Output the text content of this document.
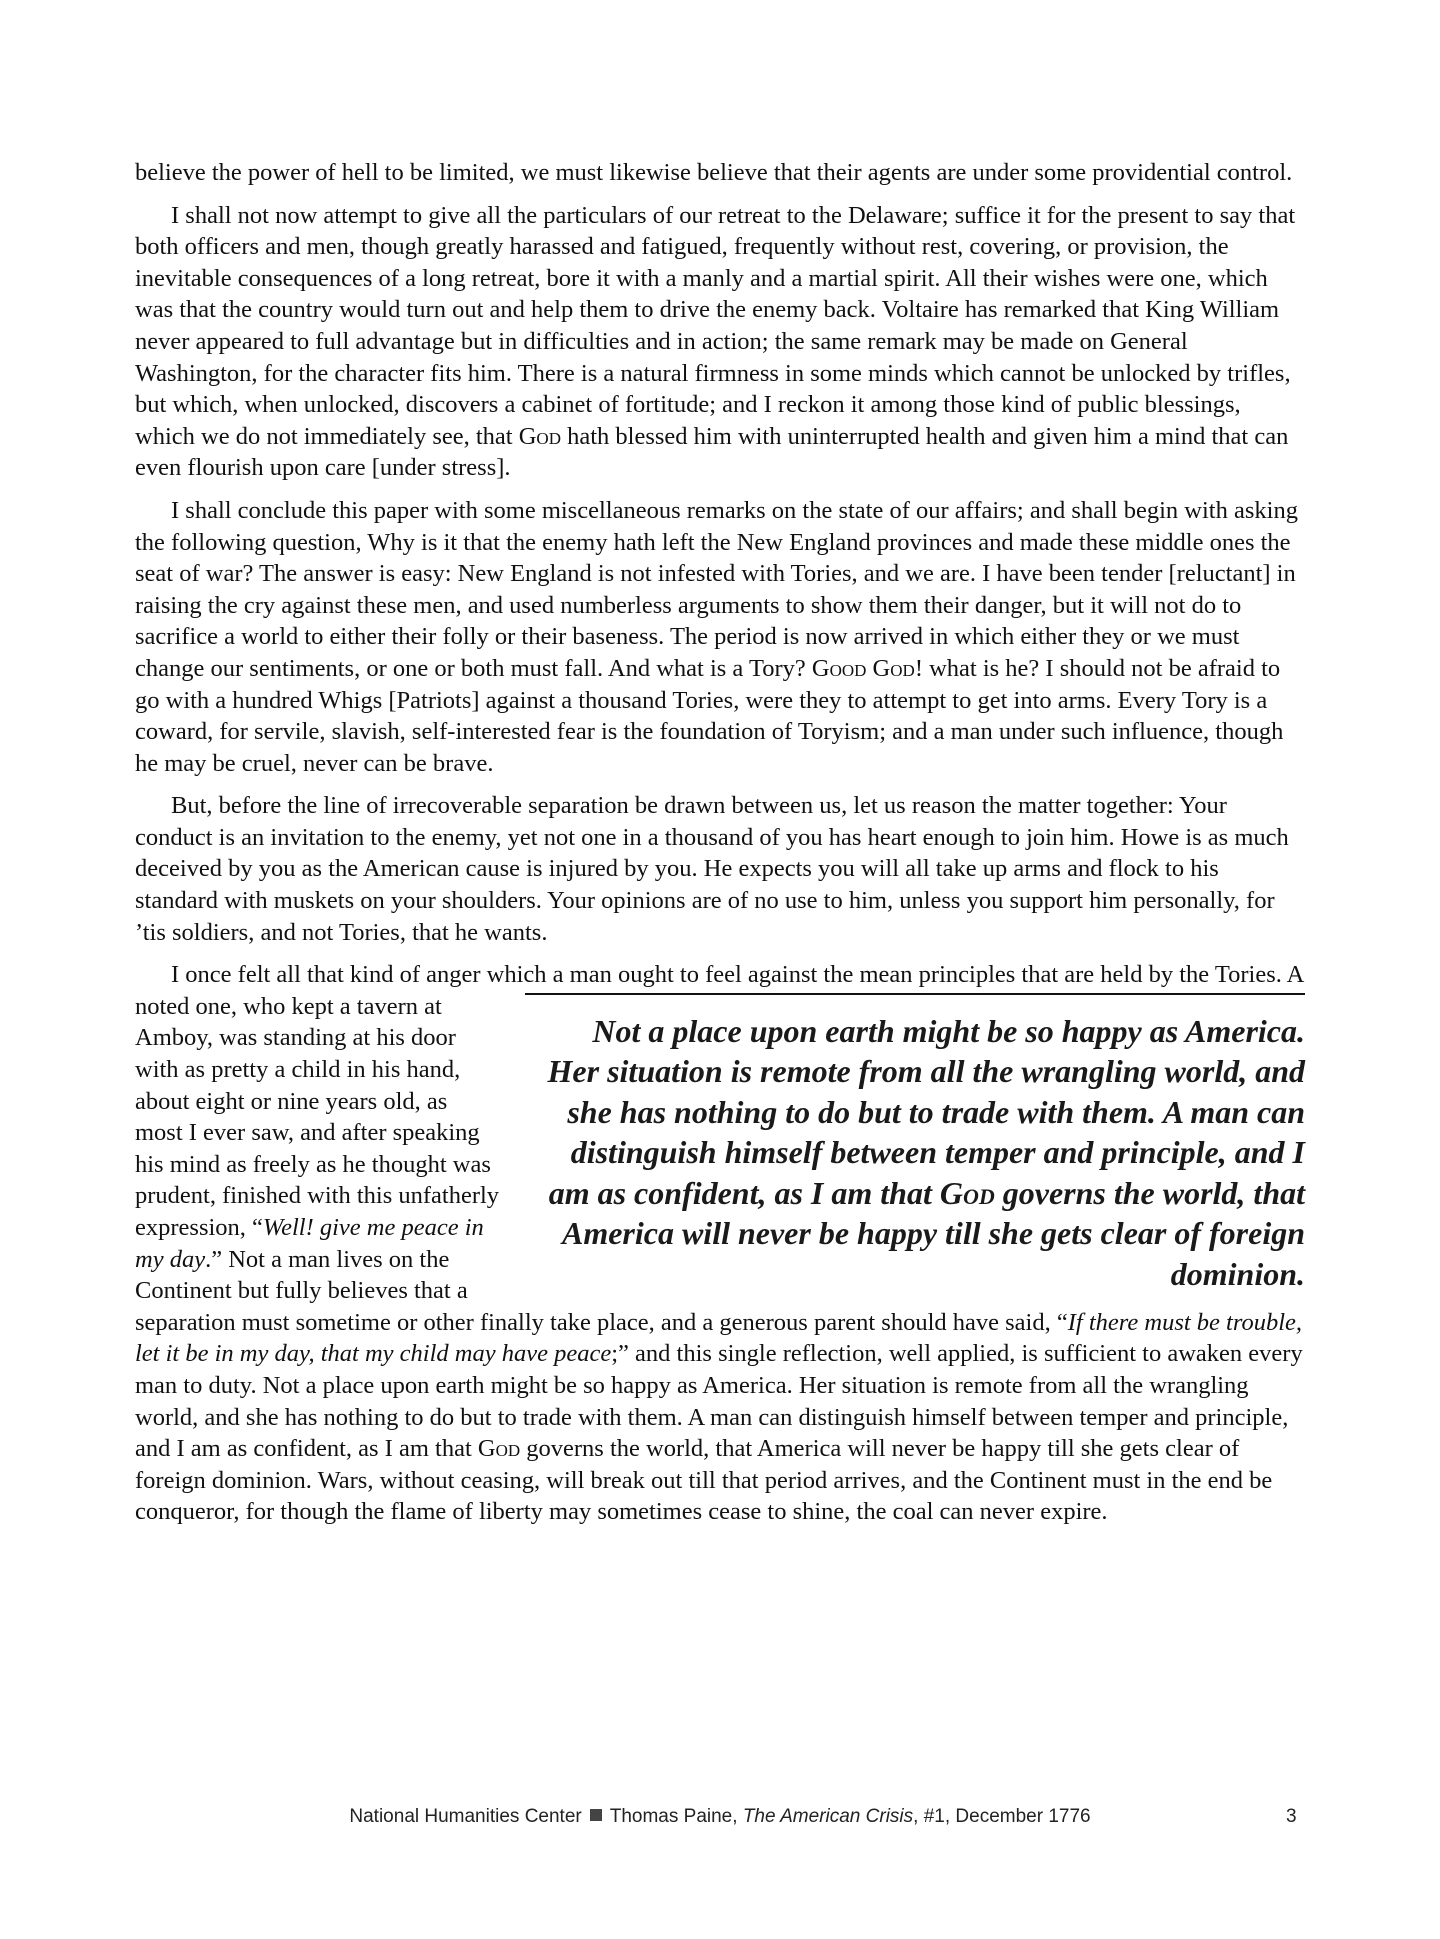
believe the power of hell to be limited, we must likewise believe that their agents are under some providential control.

I shall not now attempt to give all the particulars of our retreat to the Delaware; suffice it for the present to say that both officers and men, though greatly harassed and fatigued, frequently without rest, covering, or provision, the inevitable consequences of a long retreat, bore it with a manly and a martial spirit. All their wishes were one, which was that the country would turn out and help them to drive the enemy back. Voltaire has remarked that King William never appeared to full advantage but in difficulties and in action; the same remark may be made on General Washington, for the character fits him. There is a natural firmness in some minds which cannot be unlocked by trifles, but which, when unlocked, discovers a cabinet of fortitude; and I reckon it among those kind of public blessings, which we do not immediately see, that God hath blessed him with uninterrupted health and given him a mind that can even flourish upon care [under stress].

I shall conclude this paper with some miscellaneous remarks on the state of our affairs; and shall begin with asking the following question, Why is it that the enemy hath left the New England provinces and made these middle ones the seat of war? The answer is easy: New England is not infested with Tories, and we are. I have been tender [reluctant] in raising the cry against these men, and used numberless arguments to show them their danger, but it will not do to sacrifice a world to either their folly or their baseness. The period is now arrived in which either they or we must change our sentiments, or one or both must fall. And what is a Tory? Good God! what is he? I should not be afraid to go with a hundred Whigs [Patriots] against a thousand Tories, were they to attempt to get into arms. Every Tory is a coward, for servile, slavish, self-interested fear is the foundation of Toryism; and a man under such influence, though he may be cruel, never can be brave.

But, before the line of irrecoverable separation be drawn between us, let us reason the matter together: Your conduct is an invitation to the enemy, yet not one in a thousand of you has heart enough to join him. Howe is as much deceived by you as the American cause is injured by you. He expects you will all take up arms and flock to his standard with muskets on your shoulders. Your opinions are of no use to him, unless you support him personally, for ’tis soldiers, and not Tories, that he wants.

I once felt all that kind of anger which a man ought to feel against the mean principles that are held by
Not a place upon earth might be so happy as America. Her situation is remote from all the wrangling world, and she has nothing to do but to trade with them. A man can distinguish himself between temper and principle, and I am as confident, as I am that God governs the world, that America will never be happy till she gets clear of foreign dominion.
the Tories. A noted one, who kept a tavern at Amboy, was standing at his door with as pretty a child in his hand, about eight or nine years old, as most I ever saw, and after speaking his mind as freely as he thought was prudent, finished with this unfatherly expression, “Well! give me peace in my day.” Not a man lives on the Continent but fully believes that a separation must sometime or other finally take place, and a generous parent should have said, “If there must be trouble, let it be in my day, that my child may have peace;” and this single reflection, well applied, is sufficient to awaken every man to duty. Not a place upon earth might be so happy as America. Her situation is remote from all the wrangling world, and she has nothing to do but to trade with them. A man can distinguish himself between temper and principle, and I am as confident, as I am that God governs the world, that America will never be happy till she gets clear of foreign dominion. Wars, without ceasing, will break out till that period arrives, and the Continent must in the end be conqueror, for though the flame of liberty may sometimes cease to shine, the coal can never expire.

National Humanities Center Thomas Paine, The American Crisis, #1, December 1776	3
